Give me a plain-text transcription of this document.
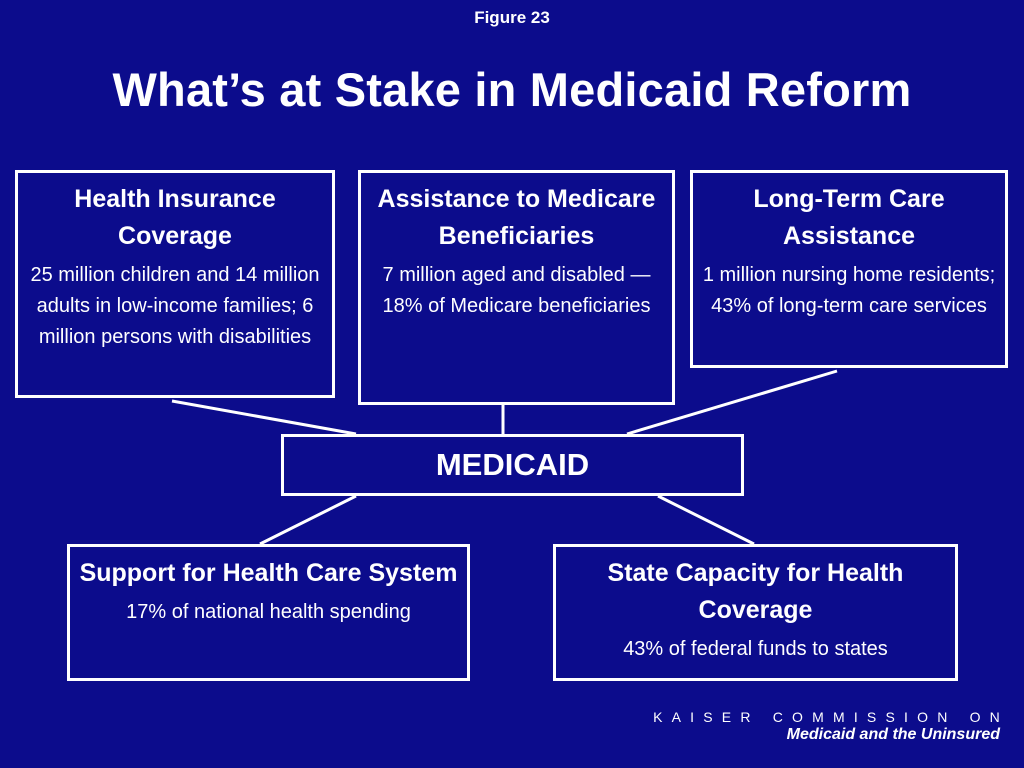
Figure 23
What’s at Stake in Medicaid Reform
Health Insurance Coverage
25 million children and 14 million adults in low-income families; 6 million persons with disabilities
Assistance to Medicare Beneficiaries
7 million aged and disabled — 18% of Medicare beneficiaries
Long-Term Care Assistance
1 million nursing home residents; 43% of long-term care services
MEDICAID
Support for Health Care System
17% of national health spending
State Capacity for Health Coverage
43% of federal funds to states
KAISER COMMISSION ON
Medicaid and the Uninsured
